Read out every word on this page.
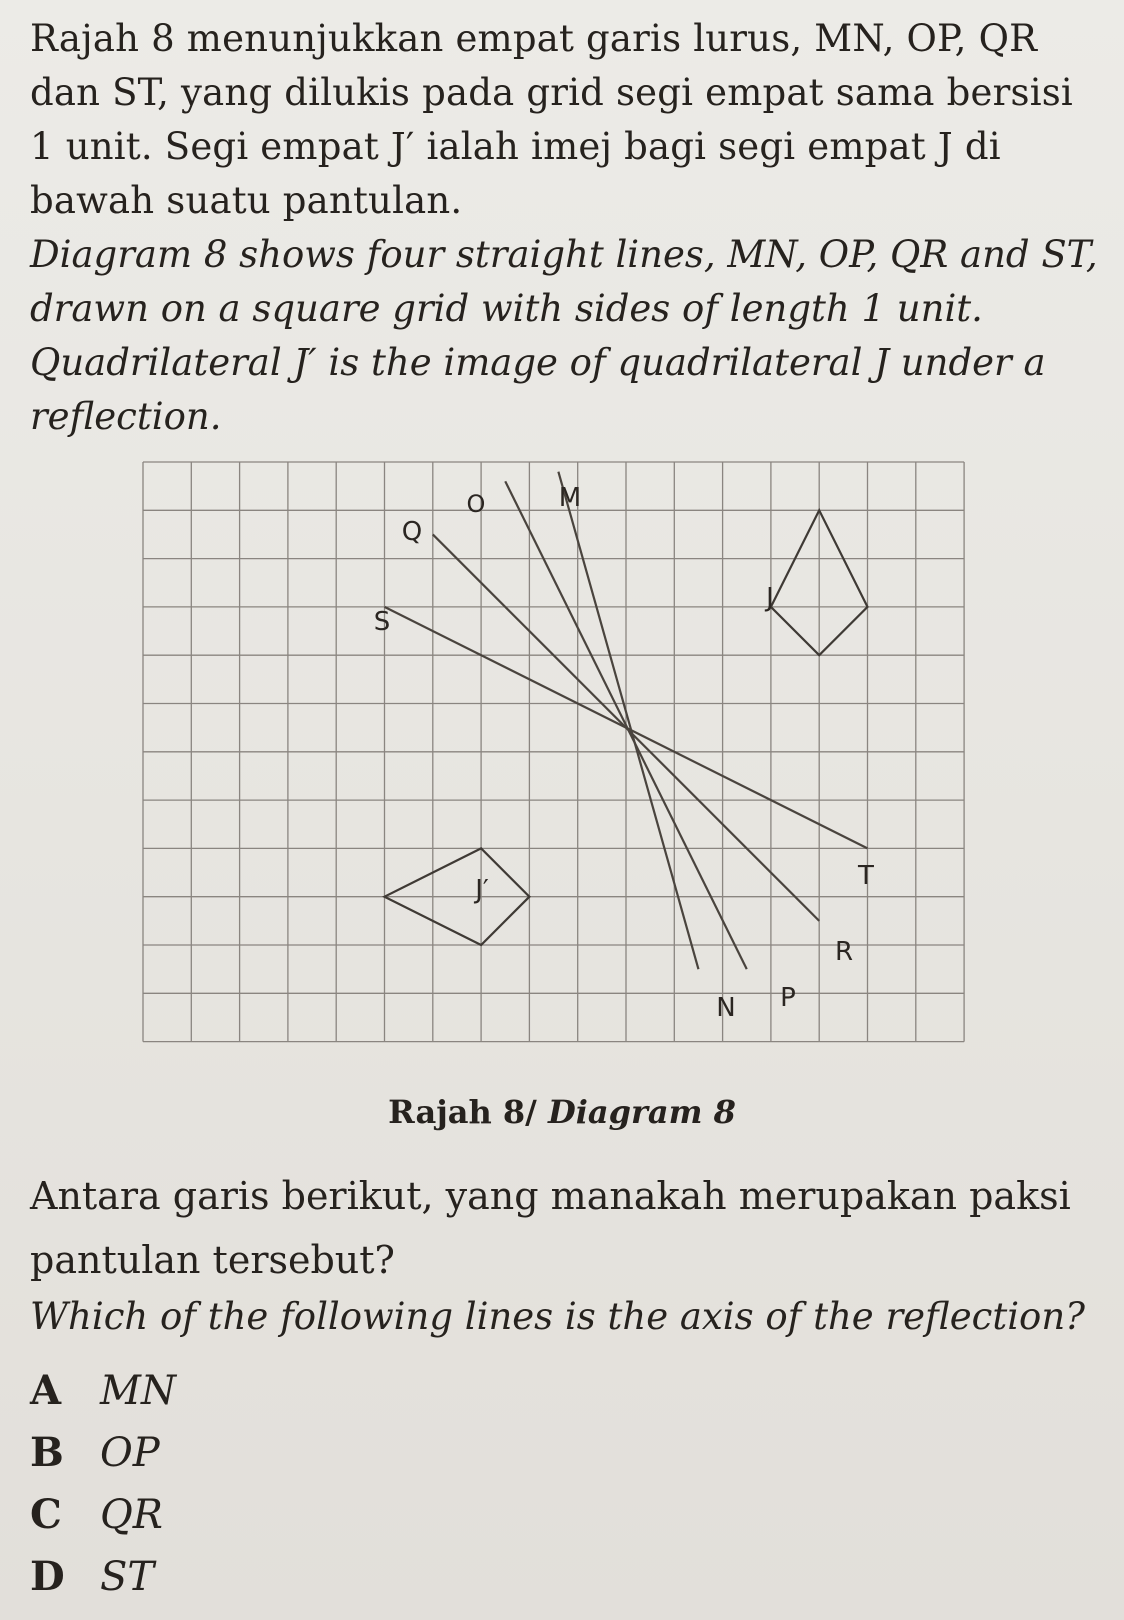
Rajah 8 menunjukkan empat garis lurus, MN, OP, QR dan ST, yang dilukis pada grid segi empat sama bersisi 1 unit. Segi empat J′ ialah imej bagi segi empat J di bawah suatu pantulan.

Diagram 8 shows four straight lines, MN, OP, QR and ST, drawn on a square grid with sides of length 1 unit. Quadrilateral J′ is the image of quadrilateral J under a reflection.

O	M
Q
S
T
R
N P
J
J′

Rajah 8/ Diagram 8

Antara garis berikut, yang manakah merupakan paksi pantulan tersebut?

Which of the following lines is the axis of the reflection?

A MN
B OP
C QR
D ST
